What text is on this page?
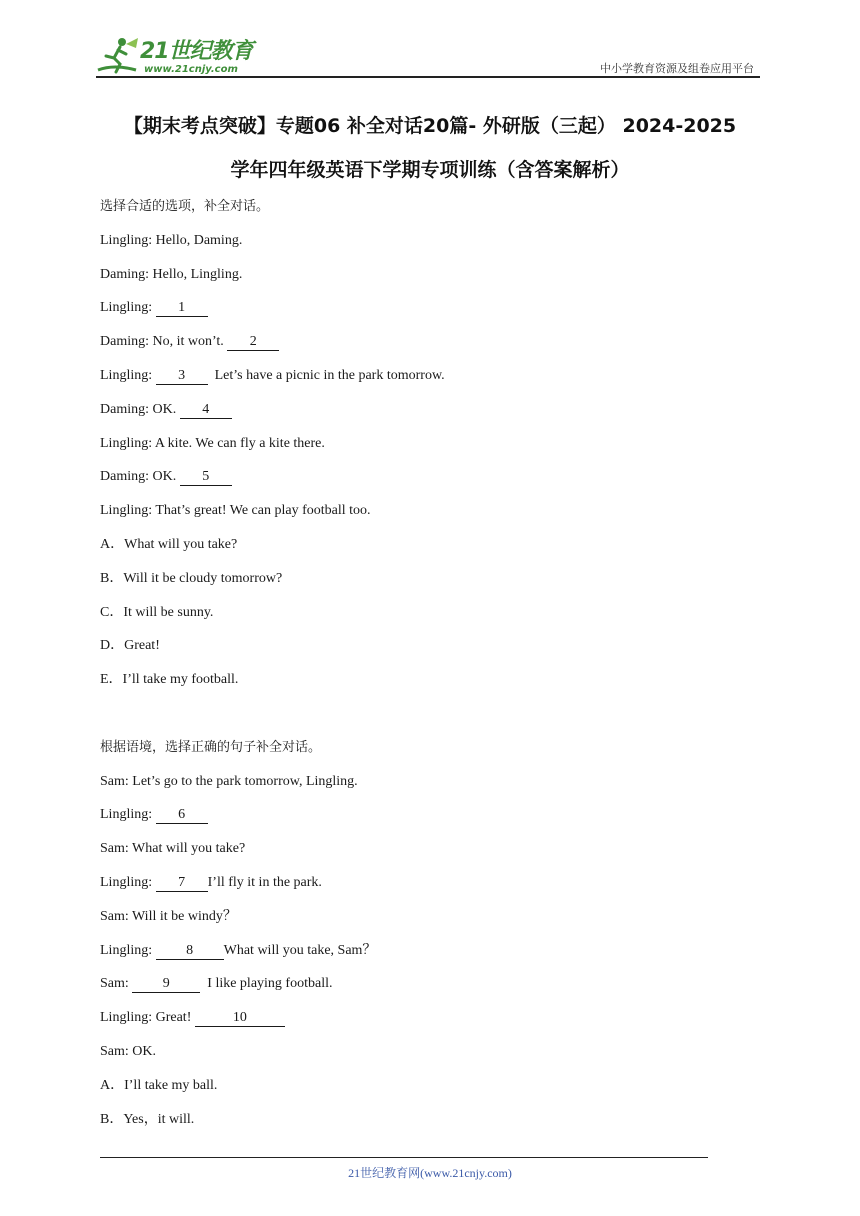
21世纪教育
www.21cnjy.com	中小学教育资源及组卷应用平台
【期末考点突破】专题06 补全对话20篇- 外研版（三起） 2024-2025
学年四年级英语下学期专项训练（含答案解析）
选择合适的选项，补全对话。
Lingling: Hello, Daming.
Daming: Hello, Lingling.
Lingling: 1
Daming: No, it won’t. 2
Lingling: 3  Let’s have a picnic in the park tomorrow.
Daming: OK. 4
Lingling: A kite. We can fly a kite there.
Daming: OK. 5
Lingling: That’s great! We can play football too.
A．What will you take?
B．Will it be cloudy tomorrow?
C．It will be sunny.
D．Great!
E．I’ll take my football.
根据语境，选择正确的句子补全对话。
Sam: Let’s go to the park tomorrow, Lingling.
Lingling: 6
Sam: What will you take?
Lingling: 7 I’ll fly it in the park.
Sam: Will it be windy？
Lingling: 8 What will you take, Sam？
Sam: 9  I like playing football.
Lingling: Great!	10
Sam: OK.
A．I’ll take my ball.
B．Yes，it will.
21世纪教育网(www.21cnjy.com)
